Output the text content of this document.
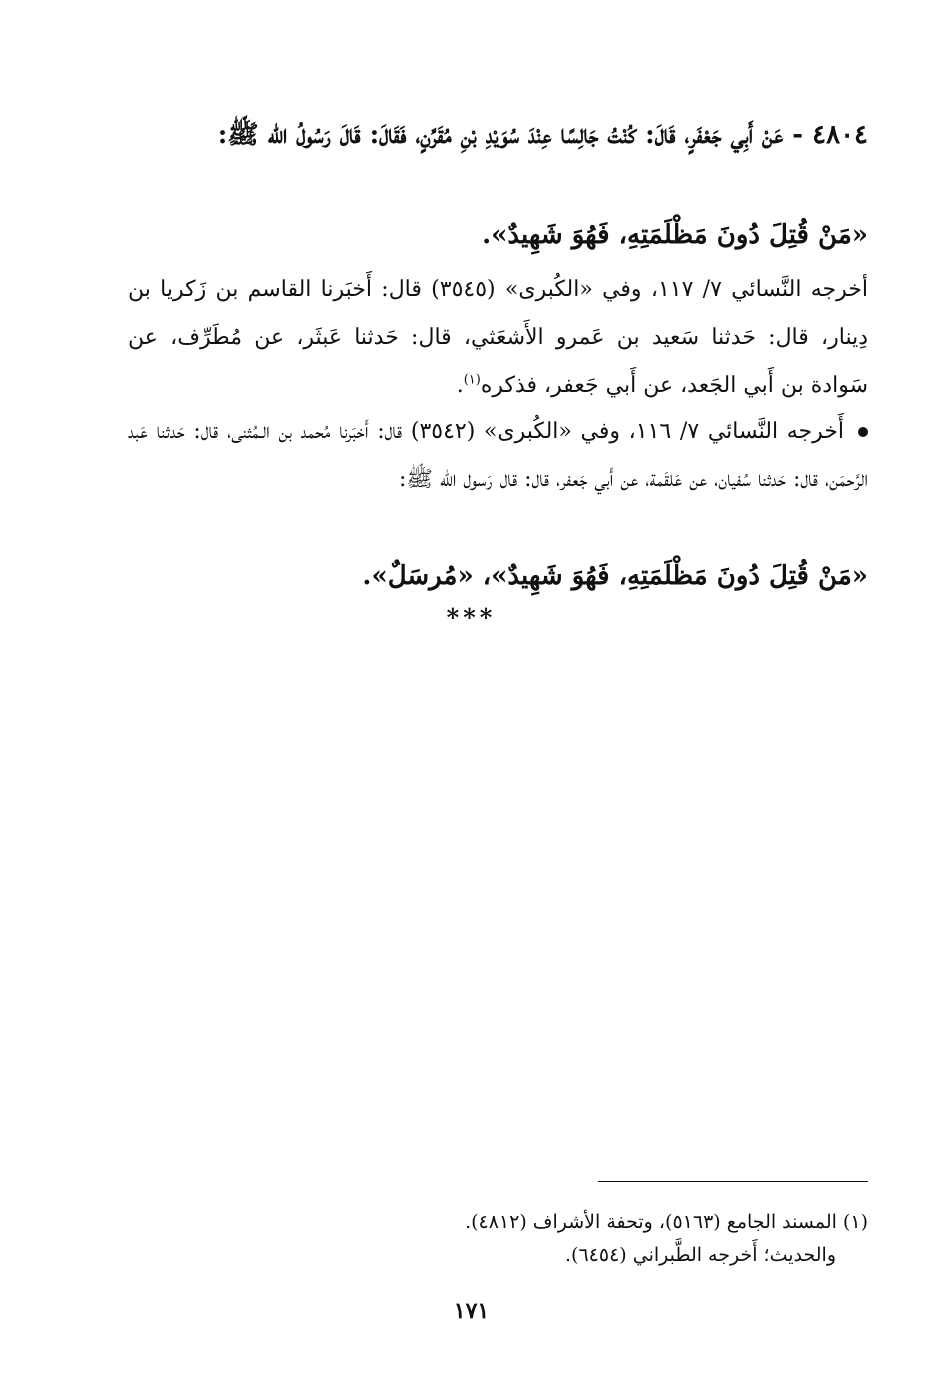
٤٨٠٤ - عَنْ أَبِي جَعْفَرٍ، قَالَ: كُنْتُ جَالِسًا عِنْدَ سُوَيْدِ بْنِ مُقَرِّنٍ، فَقَالَ: قَالَ رَسُولُ الله ﷺ:
«مَنْ قُتِلَ دُونَ مَظْلَمَتِهِ، فَهُوَ شَهِيدٌ».
أخرجه النَّسائي ٧/ ١١٧، وفي «الكُبرى» (٣٥٤٥) قال: أَخبَرنا القاسم بن زَكريا بن دِينار، قال: حَدثنا سَعيد بن عَمرو الأَشعَثي، قال: حَدثنا عَبثَر، عن مُطَرِّف، عن سَوادة بن أَبي الجَعد، عن أَبي جَعفر، فذكره$^{(١)}$.
أَخرجه النَّسائي ٧/ ١١٦، وفي «الكُبرى» (٣٥٤٢) قال: أَخبَرنا مُحمد بن الـمُثنى، قال: حَدثنا عَبد الرَّحمَن، قال: حَدثنا سُفيان، عن عَلقَمة، عن أَبي جَعفر، قال: قال رَسول الله ﷺ:
«مَنْ قُتِلَ دُونَ مَظْلَمَتِهِ، فَهُوَ شَهِيدٌ»، «مُرسَلٌ».
***
(١) المسند الجامع (٥١٦٣)، وتحفة الأشراف (٤٨١٢).
والحديث؛ أَخرجه الطَّبراني (٦٤٥٤).
١٧١
